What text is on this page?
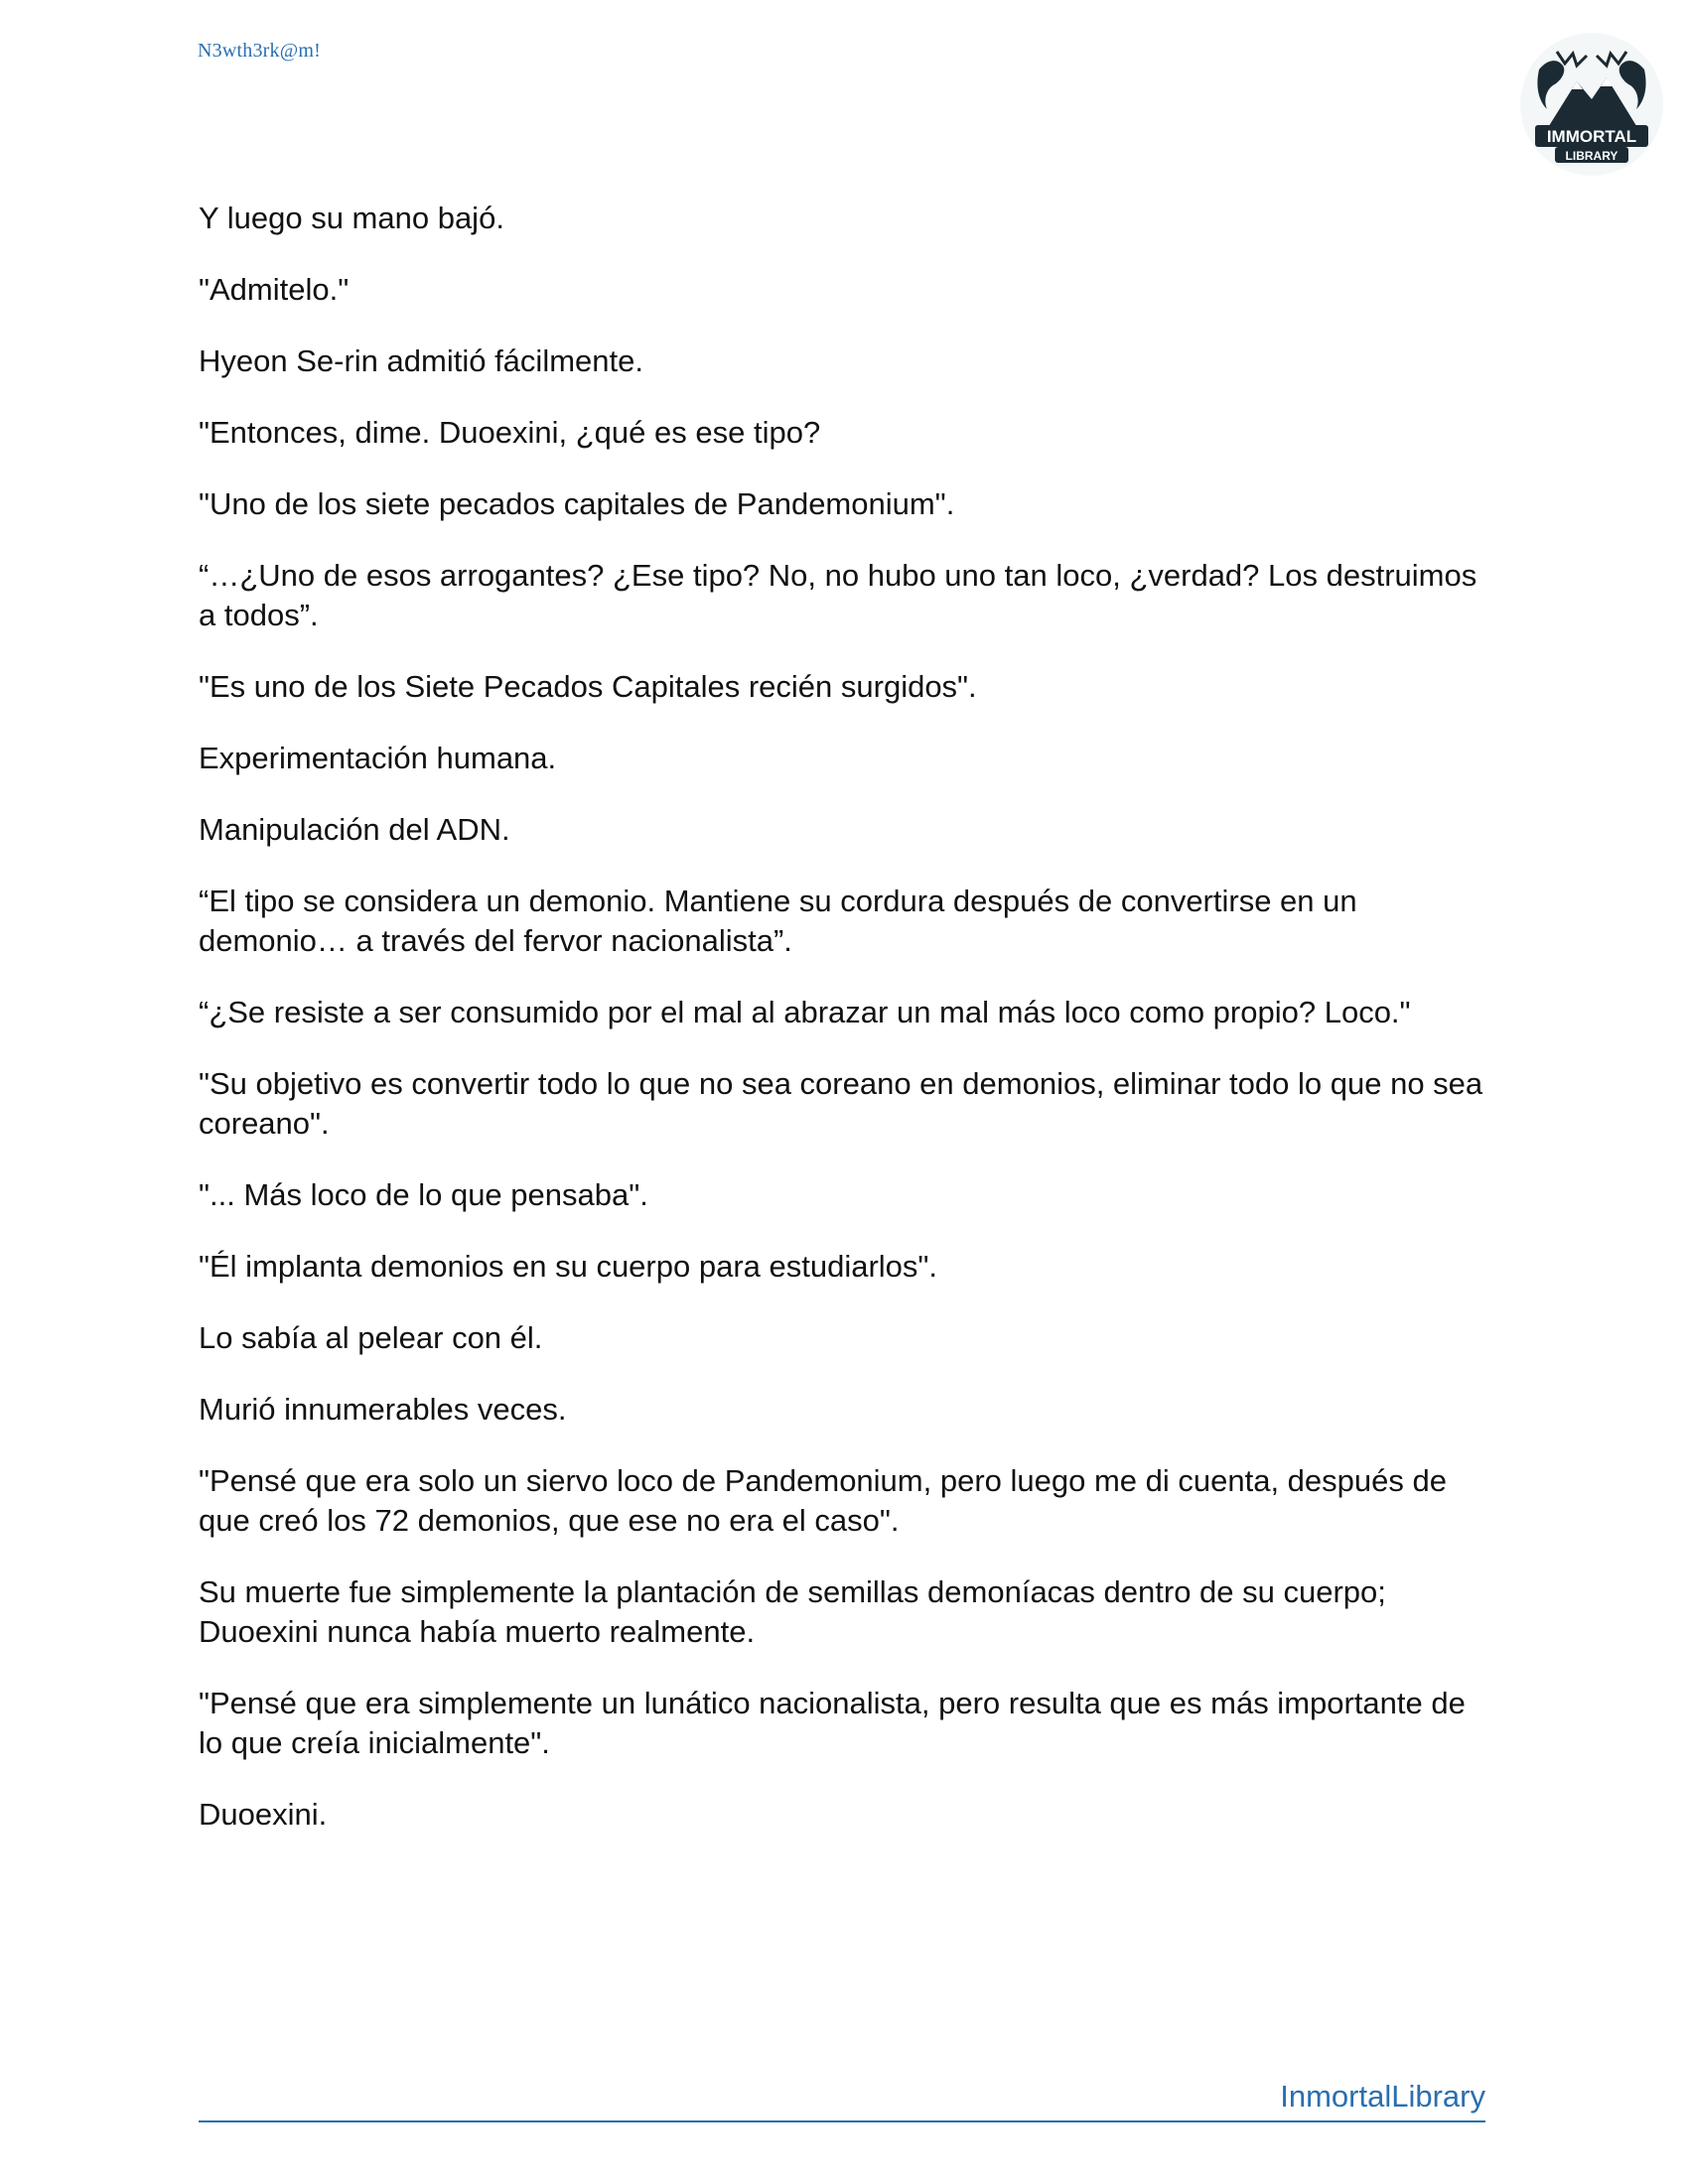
N3wth3rk@m!
IMMORTAL
LIBRARY

Y luego su mano bajó.

"Admitelo."

Hyeon Se-rin admitió fácilmente.

"Entonces, dime. Duoexini, ¿qué es ese tipo?

"Uno de los siete pecados capitales de Pandemonium".

“…¿Uno de esos arrogantes? ¿Ese tipo? No, no hubo uno tan loco, ¿verdad? Los destruimos a todos”.

"Es uno de los Siete Pecados Capitales recién surgidos".

Experimentación humana.

Manipulación del ADN.

“El tipo se considera un demonio. Mantiene su cordura después de convertirse en un demonio… a través del fervor nacionalista”.

“¿Se resiste a ser consumido por el mal al abrazar un mal más loco como propio? Loco."

"Su objetivo es convertir todo lo que no sea coreano en demonios, eliminar todo lo que no sea coreano".

"... Más loco de lo que pensaba".

"Él implanta demonios en su cuerpo para estudiarlos".

Lo sabía al pelear con él.

Murió innumerables veces.

"Pensé que era solo un siervo loco de Pandemonium, pero luego me di cuenta, después de que creó los 72 demonios, que ese no era el caso".

Su muerte fue simplemente la plantación de semillas demoníacas dentro de su cuerpo; Duoexini nunca había muerto realmente.

"Pensé que era simplemente un lunático nacionalista, pero resulta que es más importante de lo que creía inicialmente".

Duoexini.

InmortalLibrary
